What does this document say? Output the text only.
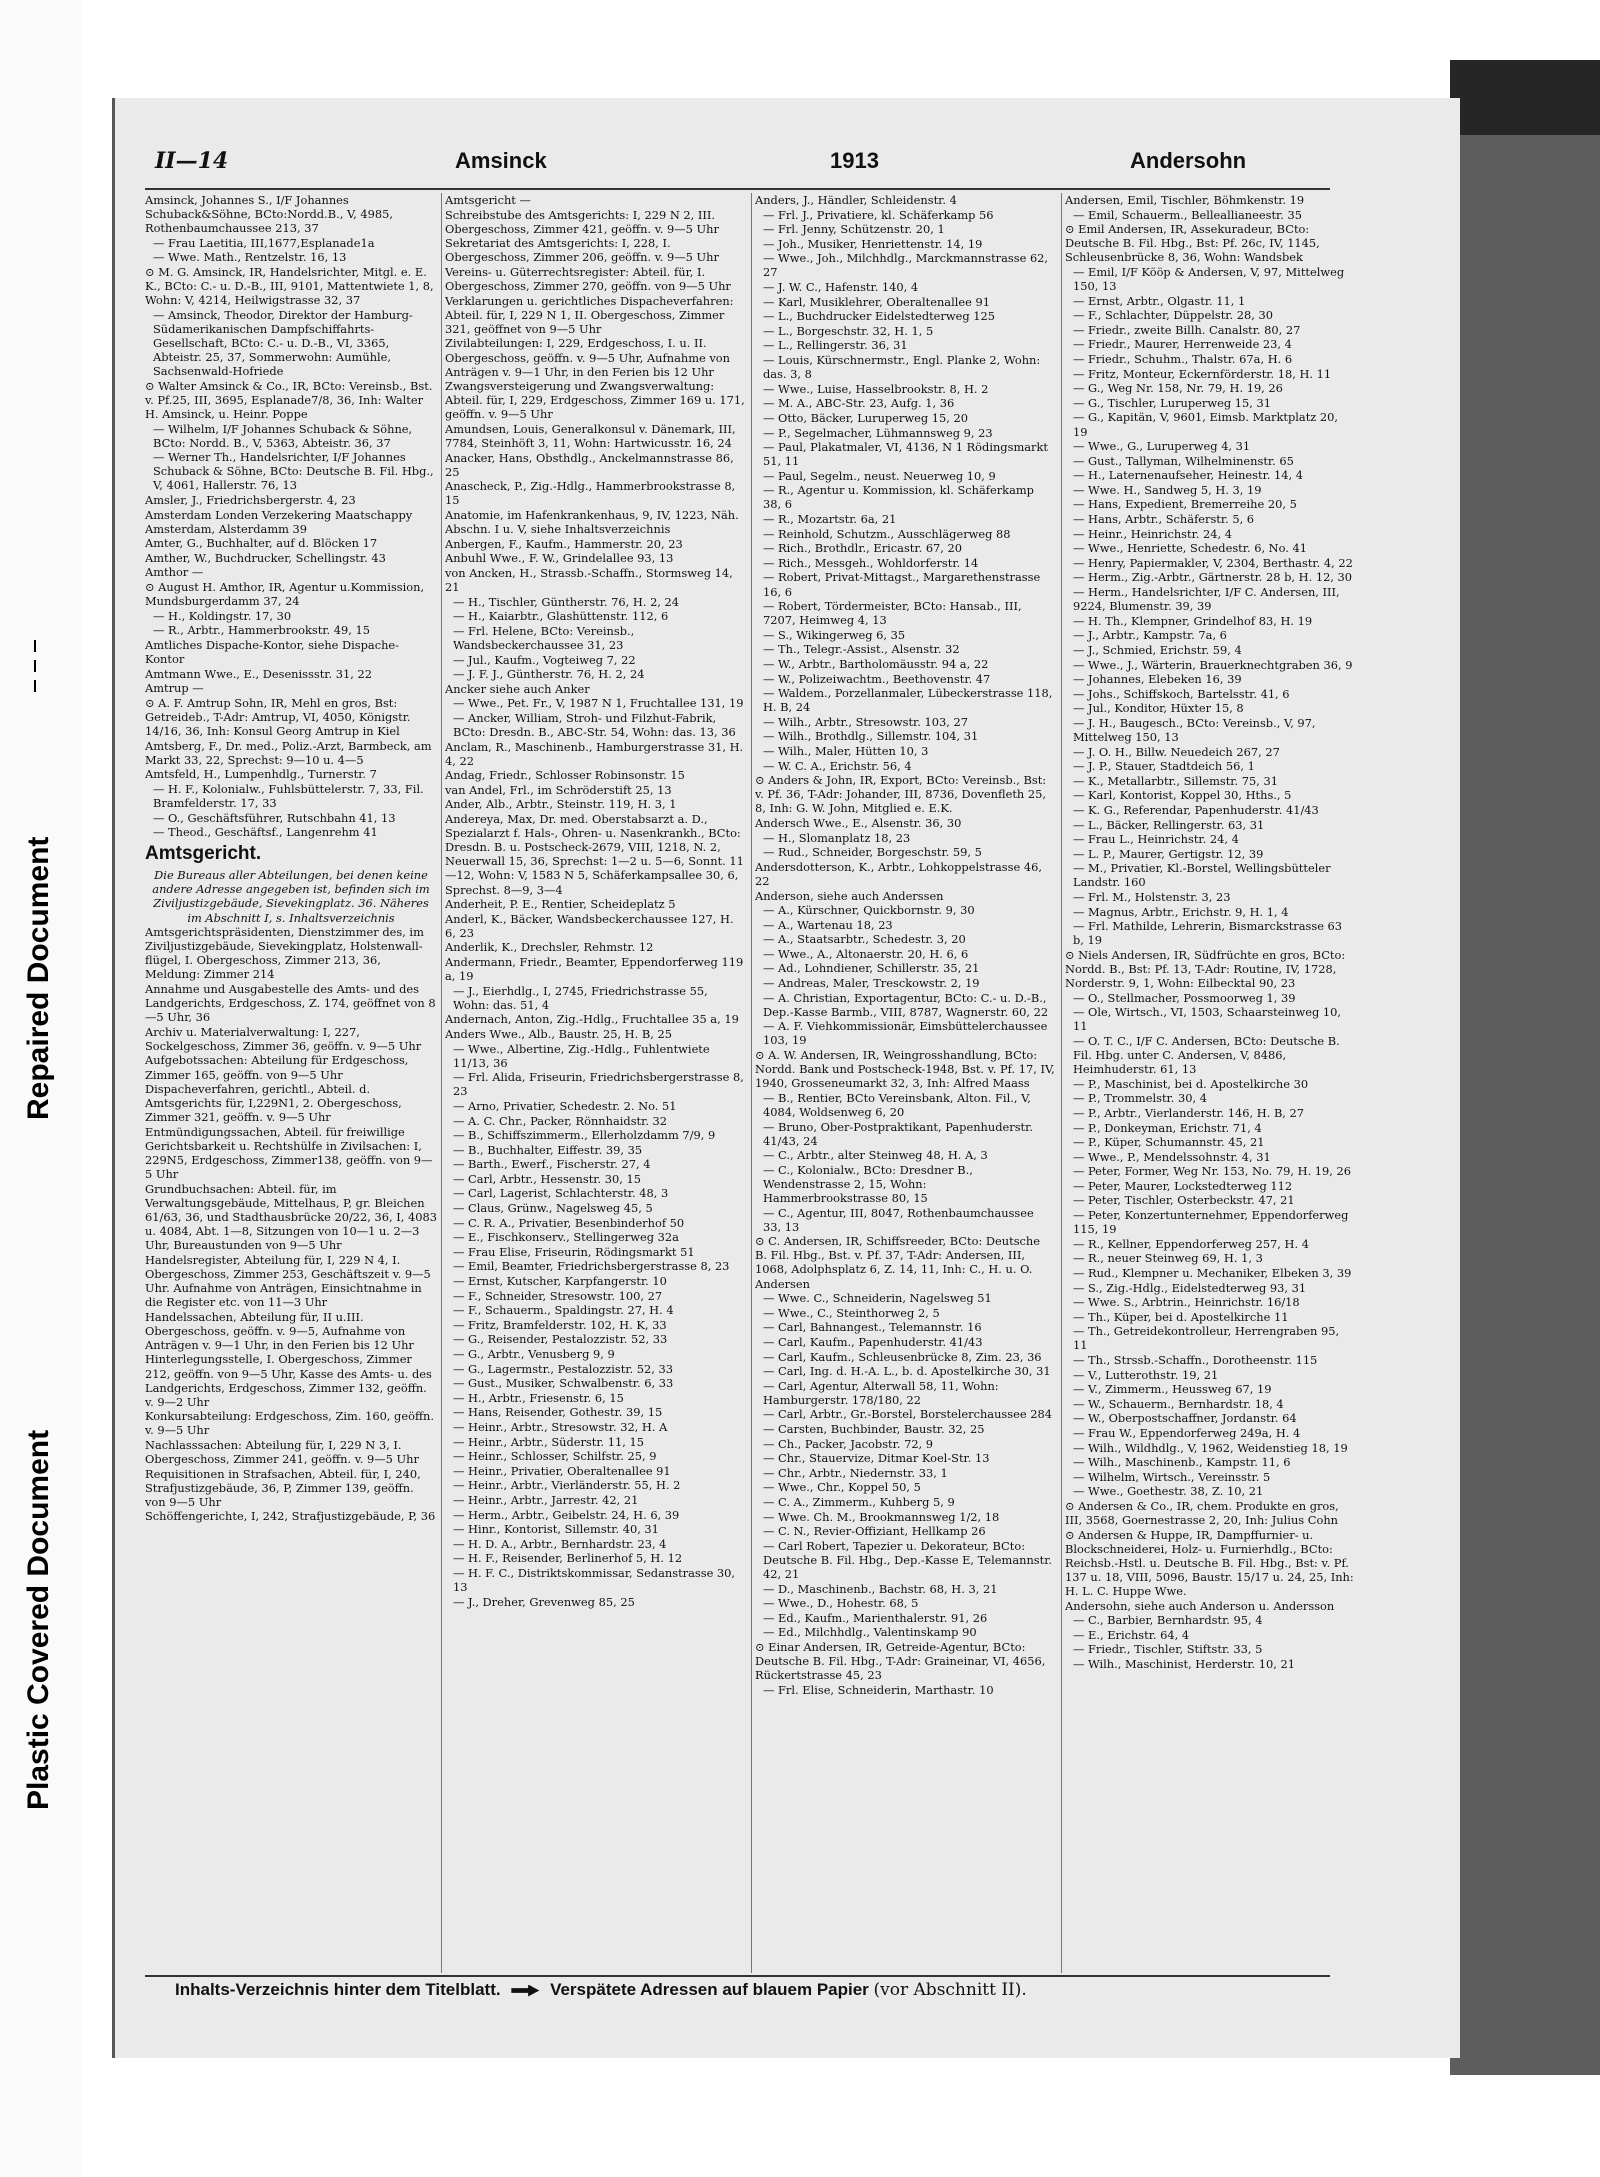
Repaired Document
Plastic Covered Document
II—14	Amsinck	1913	Andersohn
Amsinck, Johannes S., I/F Johannes Schuback&Söhne, BCto:Nordd.B., V, 4985, Rothenbaumchaussee 213, 37
— Frau Laetitia, III,1677,Esplanade1a
— Wwe. Math., Rentzelstr. 16, 13
⊙ M. G. Amsinck, IR, Handelsrichter, Mitgl. e. E. K., BCto: C.- u. D.-B., III, 9101, Mattentwiete 1, 8, Wohn: V, 4214, Heilwigstrasse 32, 37
— Amsinck, Theodor, Direktor der Hamburg-Südamerikanischen Dampfschiffahrts-Gesellschaft, BCto: C.- u. D.-B., VI, 3365, Abteistr. 25, 37, Sommerwohn: Aumühle, Sachsenwald-Hofriede
⊙ Walter Amsinck & Co., IR, BCto: Vereinsb., Bst. v. Pf.25, III, 3695, Esplanade7/8, 36, Inh: Walter H. Amsinck, u. Heinr. Poppe
— Wilhelm, I/F Johannes Schuback & Söhne, BCto: Nordd. B., V, 5363, Abteistr. 36, 37
— Werner Th., Handelsrichter, I/F Johannes Schuback & Söhne, BCto: Deutsche B. Fil. Hbg., V, 4061, Hallerstr. 76, 13
Amsler, J., Friedrichsbergerstr. 4, 23
Amsterdam Londen Verzekering Maatschappy Amsterdam, Alsterdamm 39
Amter, G., Buchhalter, auf d. Blöcken 17
Amther, W., Buchdrucker, Schellingstr. 43
Amthor —
⊙ August H. Amthor, IR, Agentur u.Kommission, Mundsburgerdamm 37, 24
— H., Koldingstr. 17, 30
— R., Arbtr., Hammerbrookstr. 49, 15
Amtliches Dispache-Kontor, siehe Dispache-Kontor
Amtmann Wwe., E., Desenissstr. 31, 22
Amtrup —
⊙ A. F. Amtrup Sohn, IR, Mehl en gros, Bst: Getreideb., T-Adr: Amtrup, VI, 4050, Königstr. 14/16, 36, Inh: Konsul Georg Amtrup in Kiel
Amtsberg, F., Dr. med., Poliz.-Arzt, Barmbeck, am Markt 33, 22, Sprechst: 9—10 u. 4—5
Amtsfeld, H., Lumpenhdlg., Turnerstr. 7
— H. F., Kolonialw., Fuhlsbüttelerstr. 7, 33, Fil. Bramfelderstr. 17, 33
— O., Geschäftsführer, Rutschbahn 41, 13
— Theod., Geschäftsf., Langenrehm 41
Amtsgericht.
Die Bureaus aller Abteilungen, bei denen keine andere Adresse angegeben ist, befinden sich im Ziviljustizgebäude, Sievekingplatz. 36. Näheres im Abschnitt I, s. Inhaltsverzeichnis
Amtsgerichtspräsidenten, Dienstzimmer des, im Ziviljustizgebäude, Sievekingplatz, Holstenwall-flügel, I. Obergeschoss, Zimmer 213, 36, Meldung: Zimmer 214
Annahme und Ausgabestelle des Amts- und des Landgerichts, Erdgeschoss, Z. 174, geöffnet von 8—5 Uhr, 36
Archiv u. Materialverwaltung: I, 227, Sockelgeschoss, Zimmer 36, geöffn. v. 9—5 Uhr
Aufgebotssachen: Abteilung für Erdgeschoss, Zimmer 165, geöffn. von 9—5 Uhr
Dispacheverfahren, gerichtl., Abteil. d. Amtsgerichts für, I,229N1, 2. Obergeschoss, Zimmer 321, geöffn. v. 9—5 Uhr
Entmündigungssachen, Abteil. für freiwillige Gerichtsbarkeit u. Rechtshülfe in Zivilsachen: I, 229N5, Erdgeschoss, Zimmer138, geöffn. von 9—5 Uhr
Grundbuchsachen: Abteil. für, im Verwaltungsgebäude, Mittelhaus, P, gr. Bleichen 61/63, 36, und Stadthausbrücke 20/22, 36, I, 4083 u. 4084, Abt. 1—8, Sitzungen von 10—1 u. 2—3 Uhr, Bureaustunden von 9—5 Uhr
Handelsregister, Abteilung für, I, 229 N 4, I. Obergeschoss, Zimmer 253, Geschäftszeit v. 9—5 Uhr. Aufnahme von Anträgen, Einsichtnahme in die Register etc. von 11—3 Uhr
Handelssachen, Abteilung für, II u.III. Obergeschoss, geöffn. v. 9—5, Aufnahme von Anträgen v. 9—1 Uhr, in den Ferien bis 12 Uhr
Hinterlegungsstelle, I. Obergeschoss, Zimmer 212, geöffn. von 9—5 Uhr, Kasse des Amts- u. des Landgerichts, Erdgeschoss, Zimmer 132, geöffn. v. 9—2 Uhr
Konkursabteilung: Erdgeschoss, Zim. 160, geöffn. v. 9—5 Uhr
Nachlasssachen: Abteilung für, I, 229 N 3, I. Obergeschoss, Zimmer 241, geöffn. v. 9—5 Uhr
Requisitionen in Strafsachen, Abteil. für, I, 240, Strafjustizgebäude, 36, P, Zimmer 139, geöffn. von 9—5 Uhr
Schöffengerichte, I, 242, Strafjustizgebäude, P, 36
Amtsgericht —
Schreibstube des Amtsgerichts: I, 229 N 2, III. Obergeschoss, Zimmer 421, geöffn. v. 9—5 Uhr
Sekretariat des Amtsgerichts: I, 228, I. Obergeschoss, Zimmer 206, geöffn. v. 9—5 Uhr
Vereins- u. Güterrechtsregister: Abteil. für, I. Obergeschoss, Zimmer 270, geöffn. von 9—5 Uhr
Verklarungen u. gerichtliches Dispacheverfahren: Abteil. für, I, 229 N 1, II. Obergeschoss, Zimmer 321, geöffnet von 9—5 Uhr
Zivilabteilungen: I, 229, Erdgeschoss, I. u. II. Obergeschoss, geöffn. v. 9—5 Uhr, Aufnahme von Anträgen v. 9—1 Uhr, in den Ferien bis 12 Uhr
Zwangsversteigerung und Zwangsverwaltung: Abteil. für, I, 229, Erdgeschoss, Zimmer 169 u. 171, geöffn. v. 9—5 Uhr
Amundsen, Louis, Generalkonsul v. Dänemark, III, 7784, Steinhöft 3, 11, Wohn: Hartwicusstr. 16, 24
Anacker, Hans, Obsthdlg., Anckelmannstrasse 86, 25
Anascheck, P., Zig.-Hdlg., Hammerbrookstrasse 8, 15
Anatomie, im Hafenkrankenhaus, 9, IV, 1223, Näh. Abschn. I u. V, siehe Inhaltsverzeichnis
Anbergen, F., Kaufm., Hammerstr. 20, 23
Anbuhl Wwe., F. W., Grindelallee 93, 13
von Ancken, H., Strassb.-Schaffn., Stormsweg 14, 21
— H., Tischler, Güntherstr. 76, H. 2, 24
— H., Kaiarbtr., Glashüttenstr. 112, 6
— Frl. Helene, BCto: Vereinsb., Wandsbeckerchaussee 31, 23
— Jul., Kaufm., Vogteiweg 7, 22
— J. F. J., Güntherstr. 76, H. 2, 24
Ancker siehe auch Anker
— Wwe., Pet. Fr., V, 1987 N 1, Fruchtallee 131, 19
— Ancker, William, Stroh- und Filzhut-Fabrik, BCto: Dresdn. B., ABC-Str. 54, Wohn: das. 13, 36
Anclam, R., Maschinenb., Hamburgerstrasse 31, H. 4, 22
Andag, Friedr., Schlosser Robinsonstr. 15
van Andel, Frl., im Schröderstift 25, 13
Ander, Alb., Arbtr., Steinstr. 119, H. 3, 1
Andereya, Max, Dr. med. Oberstabsarzt a. D., Spezialarzt f. Hals-, Ohren- u. Nasenkrankh., BCto: Dresdn. B. u. Postscheck-2679, VIII, 1218, N. 2, Neuerwall 15, 36, Sprechst: 1—2 u. 5—6, Sonnt. 11—12, Wohn: V, 1583 N 5, Schäferkampsallee 30, 6, Sprechst. 8—9, 3—4
Anderheit, P. E., Rentier, Scheideplatz 5
Anderl, K., Bäcker, Wandsbeckerchaussee 127, H. 6, 23
Anderlik, K., Drechsler, Rehmstr. 12
Andermann, Friedr., Beamter, Eppendorferweg 119 a, 19
— J., Eierhdlg., I, 2745, Friedrichstrasse 55, Wohn: das. 51, 4
Andernach, Anton, Zig.-Hdlg., Fruchtallee 35 a, 19
Anders Wwe., Alb., Baustr. 25, H. B, 25
— Wwe., Albertine, Zig.-Hdlg., Fuhlentwiete 11/13, 36
— Frl. Alida, Friseurin, Friedrichsbergerstrasse 8, 23
— Arno, Privatier, Schedestr. 2. No. 51
— A. C. Chr., Packer, Rönnhaidstr. 32
— B., Schiffszimmerm., Ellerholzdamm 7/9, 9
— B., Buchhalter, Eiffestr. 39, 35
— Barth., Ewerf., Fischerstr. 27, 4
— Carl, Arbtr., Hessenstr. 30, 15
— Carl, Lagerist, Schlachterstr. 48, 3
— Claus, Grünw., Nagelsweg 45, 5
— C. R. A., Privatier, Besenbinderhof 50
— E., Fischkonserv., Stellingerweg 32a
— Frau Elise, Friseurin, Rödingsmarkt 51
— Emil, Beamter, Friedrichsbergerstrasse 8, 23
— Ernst, Kutscher, Karpfangerstr. 10
— F., Schneider, Stresowstr. 100, 27
— F., Schauerm., Spaldingstr. 27, H. 4
— Fritz, Bramfelderstr. 102, H. K, 33
— G., Reisender, Pestalozzistr. 52, 33
— G., Arbtr., Venusberg 9, 9
— G., Lagermstr., Pestalozzistr. 52, 33
— Gust., Musiker, Schwalbenstr. 6, 33
— H., Arbtr., Friesenstr. 6, 15
— Hans, Reisender, Gothestr. 39, 15
— Heinr., Arbtr., Stresowstr. 32, H. A
— Heinr., Arbtr., Süderstr. 11, 15
— Heinr., Schlosser, Schilfstr. 25, 9
— Heinr., Privatier, Oberaltenallee 91
— Heinr., Arbtr., Vierländerstr. 55, H. 2
— Heinr., Arbtr., Jarrestr. 42, 21
— Herm., Arbtr., Geibelstr. 24, H. 6, 39
— Hinr., Kontorist, Sillemstr. 40, 31
— H. D. A., Arbtr., Bernhardstr. 23, 4
— H. F., Reisender, Berlinerhof 5, H. 12
— H. F. C., Distriktskommissar, Sedanstrasse 30, 13
— J., Dreher, Grevenweg 85, 25
Anders, J., Händler, Schleidenstr. 4
— Frl. J., Privatiere, kl. Schäferkamp 56
— Frl. Jenny, Schützenstr. 20, 1
— Joh., Musiker, Henriettenstr. 14, 19
— Wwe., Joh., Milchhdlg., Marckmannstrasse 62, 27
— J. W. C., Hafenstr. 140, 4
— Karl, Musiklehrer, Oberaltenallee 91
— L., Buchdrucker Eidelstedterweg 125
— L., Borgeschstr. 32, H. 1, 5
— L., Rellingerstr. 36, 31
— Louis, Kürschnermstr., Engl. Planke 2, Wohn: das. 3, 8
— Wwe., Luise, Hasselbrookstr. 8, H. 2
— M. A., ABC-Str. 23, Aufg. 1, 36
— Otto, Bäcker, Luruperweg 15, 20
— P., Segelmacher, Lühmannsweg 9, 23
— Paul, Plakatmaler, VI, 4136, N 1 Rödingsmarkt 51, 11
— Paul, Segelm., neust. Neuerweg 10, 9
— R., Agentur u. Kommission, kl. Schäferkamp 38, 6
— R., Mozartstr. 6a, 21
— Reinhold, Schutzm., Ausschlägerweg 88
— Rich., Brothdlr., Ericastr. 67, 20
— Rich., Messgeh., Wohldorferstr. 14
— Robert, Privat-Mittagst., Margarethenstrasse 16, 6
— Robert, Tördermeister, BCto: Hansab., III, 7207, Heimweg 4, 13
— S., Wikingerweg 6, 35
— Th., Telegr.-Assist., Alsenstr. 32
— W., Arbtr., Bartholomäusstr. 94 a, 22
— W., Polizeiwachtm., Beethovenstr. 47
— Waldem., Porzellanmaler, Lübeckerstrasse 118, H. B, 24
— Wilh., Arbtr., Stresowstr. 103, 27
— Wilh., Brothdlg., Sillemstr. 104, 31
— Wilh., Maler, Hütten 10, 3
— W. C. A., Erichstr. 56, 4
⊙ Anders & John, IR, Export, BCto: Vereinsb., Bst: v. Pf. 36, T-Adr: Johander, III, 8736, Dovenfleth 25, 8, Inh: G. W. John, Mitglied e. E.K.
Andersch Wwe., E., Alsenstr. 36, 30
— H., Slomanplatz 18, 23
— Rud., Schneider, Borgeschstr. 59, 5
Andersdotterson, K., Arbtr., Lohkoppelstrasse 46, 22
Anderson, siehe auch Anderssen
— A., Kürschner, Quickbornstr. 9, 30
— A., Wartenau 18, 23
— A., Staatsarbtr., Schedestr. 3, 20
— Wwe., A., Altonaerstr. 20, H. 6, 6
— Ad., Lohndiener, Schillerstr. 35, 21
— Andreas, Maler, Tresckowstr. 2, 19
— A. Christian, Exportagentur, BCto: C.- u. D.-B., Dep.-Kasse Barmb., VIII, 8787, Wagnerstr. 60, 22
— A. F. Viehkommissionär, Eimsbüttelerchaussee 103, 19
⊙ A. W. Andersen, IR, Weingrosshandlung, BCto: Nordd. Bank und Postscheck-1948, Bst. v. Pf. 17, IV, 1940, Grosseneumarkt 32, 3, Inh: Alfred Maass
— B., Rentier, BCto Vereinsbank, Alton. Fil., V, 4084, Woldsenweg 6, 20
— Bruno, Ober-Postpraktikant, Papenhuderstr. 41/43, 24
— C., Arbtr., alter Steinweg 48, H. A, 3
— C., Kolonialw., BCto: Dresdner B., Wendenstrasse 2, 15, Wohn: Hammerbrookstrasse 80, 15
— C., Agentur, III, 8047, Rothenbaumchaussee 33, 13
⊙ C. Andersen, IR, Schiffsreeder, BCto: Deutsche B. Fil. Hbg., Bst. v. Pf. 37, T-Adr: Andersen, III, 1068, Adolphsplatz 6, Z. 14, 11, Inh: C., H. u. O. Andersen
— Wwe. C., Schneiderin, Nagelsweg 51
— Wwe., C., Steinthorweg 2, 5
— Carl, Bahnangest., Telemannstr. 16
— Carl, Kaufm., Papenhuderstr. 41/43
— Carl, Kaufm., Schleusenbrücke 8, Zim. 23, 36
— Carl, Ing. d. H.-A. L., b. d. Apostelkirche 30, 31
— Carl, Agentur, Alterwall 58, 11, Wohn: Hamburgerstr. 178/180, 22
— Carl, Arbtr., Gr.-Borstel, Borstelerchaussee 284
— Carsten, Buchbinder, Baustr. 32, 25
— Ch., Packer, Jacobstr. 72, 9
— Chr., Stauervize, Ditmar Koel-Str. 13
— Chr., Arbtr., Niedernstr. 33, 1
— Wwe., Chr., Koppel 50, 5
— C. A., Zimmerm., Kuhberg 5, 9
— Wwe. Ch. M., Brookmannsweg 1/2, 18
— C. N., Revier-Offiziant, Hellkamp 26
— Carl Robert, Tapezier u. Dekorateur, BCto: Deutsche B. Fil. Hbg., Dep.-Kasse E, Telemannstr. 42, 21
— D., Maschinenb., Bachstr. 68, H. 3, 21
— Wwe., D., Hohestr. 68, 5
— Ed., Kaufm., Marienthalerstr. 91, 26
— Ed., Milchhdlg., Valentinskamp 90
⊙ Einar Andersen, IR, Getreide-Agentur, BCto: Deutsche B. Fil. Hbg., T-Adr: Graineinar, VI, 4656, Rückertstrasse 45, 23
— Frl. Elise, Schneiderin, Marthastr. 10
Andersen, Emil, Tischler, Böhmkenstr. 19
— Emil, Schauerm., Belleallianeestr. 35
⊙ Emil Andersen, IR, Assekuradeur, BCto: Deutsche B. Fil. Hbg., Bst: Pf. 26c, IV, 1145, Schleusenbrücke 8, 36, Wohn: Wandsbek
— Emil, I/F Kööp & Andersen, V, 97, Mittelweg 150, 13
— Ernst, Arbtr., Olgastr. 11, 1
— F., Schlachter, Düppelstr. 28, 30
— Friedr., zweite Billh. Canalstr. 80, 27
— Friedr., Maurer, Herrenweide 23, 4
— Friedr., Schuhm., Thalstr. 67a, H. 6
— Fritz, Monteur, Eckernförderstr. 18, H. 11
— G., Weg Nr. 158, Nr. 79, H. 19, 26
— G., Tischler, Luruperweg 15, 31
— G., Kapitän, V, 9601, Eimsb. Marktplatz 20, 19
— Wwe., G., Luruperweg 4, 31
— Gust., Tallyman, Wilhelminenstr. 65
— H., Laternenaufseher, Heinestr. 14, 4
— Wwe. H., Sandweg 5, H. 3, 19
— Hans, Expedient, Bremerreihe 20, 5
— Hans, Arbtr., Schäferstr. 5, 6
— Heinr., Heinrichstr. 24, 4
— Wwe., Henriette, Schedestr. 6, No. 41
— Henry, Papiermakler, V, 2304, Berthastr. 4, 22
— Herm., Zig.-Arbtr., Gärtnerstr. 28 b, H. 12, 30
— Herm., Handelsrichter, I/F C. Andersen, III, 9224, Blumenstr. 39, 39
— H. Th., Klempner, Grindelhof 83, H. 19
— J., Arbtr., Kampstr. 7a, 6
— J., Schmied, Erichstr. 59, 4
— Wwe., J., Wärterin, Brauerknechtgraben 36, 9
— Johannes, Elebeken 16, 39
— Johs., Schiffskoch, Bartelsstr. 41, 6
— Jul., Konditor, Hüxter 15, 8
— J. H., Baugesch., BCto: Vereinsb., V, 97, Mittelweg 150, 13
— J. O. H., Billw. Neuedeich 267, 27
— J. P., Stauer, Stadtdeich 56, 1
— K., Metallarbtr., Sillemstr. 75, 31
— Karl, Kontorist, Koppel 30, Hths., 5
— K. G., Referendar, Papenhuderstr. 41/43
— L., Bäcker, Rellingerstr. 63, 31
— Frau L., Heinrichstr. 24, 4
— L. P., Maurer, Gertigstr. 12, 39
— M., Privatier, Kl.-Borstel, Wellingsbütteler Landstr. 160
— Frl. M., Holstenstr. 3, 23
— Magnus, Arbtr., Erichstr. 9, H. 1, 4
— Frl. Mathilde, Lehrerin, Bismarckstrasse 63 b, 19
⊙ Niels Andersen, IR, Südfrüchte en gros, BCto: Nordd. B., Bst: Pf. 13, T-Adr: Routine, IV, 1728, Norderstr. 9, 1, Wohn: Eilbecktal 90, 23
— O., Stellmacher, Possmoorweg 1, 39
— Ole, Wirtsch., VI, 1503, Schaarsteinweg 10, 11
— O. T. C., I/F C. Andersen, BCto: Deutsche B. Fil. Hbg. unter C. Andersen, V, 8486, Heimhuderstr. 61, 13
— P., Maschinist, bei d. Apostelkirche 30
— P., Trommelstr. 30, 4
— P., Arbtr., Vierlanderstr. 146, H. B, 27
— P., Donkeyman, Erichstr. 71, 4
— P., Küper, Schumannstr. 45, 21
— Wwe., P., Mendelssohnstr. 4, 31
— Peter, Former, Weg Nr. 153, No. 79, H. 19, 26
— Peter, Maurer, Lockstedterweg 112
— Peter, Tischler, Osterbeckstr. 47, 21
— Peter, Konzertunternehmer, Eppendorferweg 115, 19
— R., Kellner, Eppendorferweg 257, H. 4
— R., neuer Steinweg 69, H. 1, 3
— Rud., Klempner u. Mechaniker, Elbeken 3, 39
— S., Zig.-Hdlg., Eidelstedterweg 93, 31
— Wwe. S., Arbtrin., Heinrichstr. 16/18
— Th., Küper, bei d. Apostelkirche 11
— Th., Getreidekontrolleur, Herrengraben 95, 11
— Th., Strssb.-Schaffn., Dorotheenstr. 115
— V., Lutterothstr. 19, 21
— V., Zimmerm., Heussweg 67, 19
— W., Schauerm., Bernhardstr. 18, 4
— W., Oberpostschaffner, Jordanstr. 64
— Frau W., Eppendorferweg 249a, H. 4
— Wilh., Wildhdlg., V, 1962, Weidenstieg 18, 19
— Wilh., Maschinenb., Kampstr. 11, 6
— Wilhelm, Wirtsch., Vereinsstr. 5
— Wwe., Goethestr. 38, Z. 10, 21
⊙ Andersen & Co., IR, chem. Produkte en gros, III, 3568, Goernestrasse 2, 20, Inh: Julius Cohn
⊙ Andersen & Huppe, IR, Dampffurnier- u. Blockschneiderei, Holz- u. Furnierhdlg., BCto: Reichsb.-Hstl. u. Deutsche B. Fil. Hbg., Bst: v. Pf. 137 u. 18, VIII, 5096, Baustr. 15/17 u. 24, 25, Inh: H. L. C. Huppe Wwe.
Andersohn, siehe auch Anderson u. Andersson
— C., Barbier, Bernhardstr. 95, 4
— E., Erichstr. 64, 4
— Friedr., Tischler, Stiftstr. 33, 5
— Wilh., Maschinist, Herderstr. 10, 21
Inhalts-Verzeichnis hinter dem Titelblatt.	Verspätete Adressen auf blauem Papier (vor Abschnitt II).
